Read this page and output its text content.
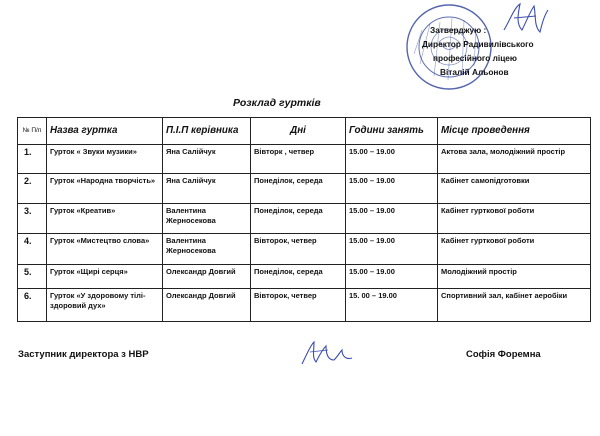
Затверджую :
Директор Радивилівського
професійного ліцею
Віталій Альонов
Розклад гуртків
№ П/п	Назва гуртка	П.І.П керівника	Дні	Години занять	Місце проведення
1.	Гурток « Звуки музики»	Яна Салійчук	Вівторк , четвер	15.00 – 19.00	Актова зала, молодіжний простір
2.	Гурток «Народна творчість»	Яна Салійчук	Понеділок, середа	15.00 – 19.00	Кабінет самопідготовки
3.	Гурток «Креатив»	Валентина Жерносекова	Понеділок, середа	15.00 – 19.00	Кабінет гурткової роботи
4.	Гурток «Мистецтво слова»	Валентина Жерносекова	Вівторок, четвер	15.00 – 19.00	Кабінет гурткової роботи
5.	Гурток «Щирі серця»	Олександр Довгий	Понеділок, середа	15.00 – 19.00	Молодіжний простір
6.	Гурток «У здоровому тілі- здоровий дух»	Олександр Довгий	Вівторок, четвер	15. 00 – 19.00	Спортивний зал, кабінет аеробіки
Заступник директора з НВР	Софія Форемна
